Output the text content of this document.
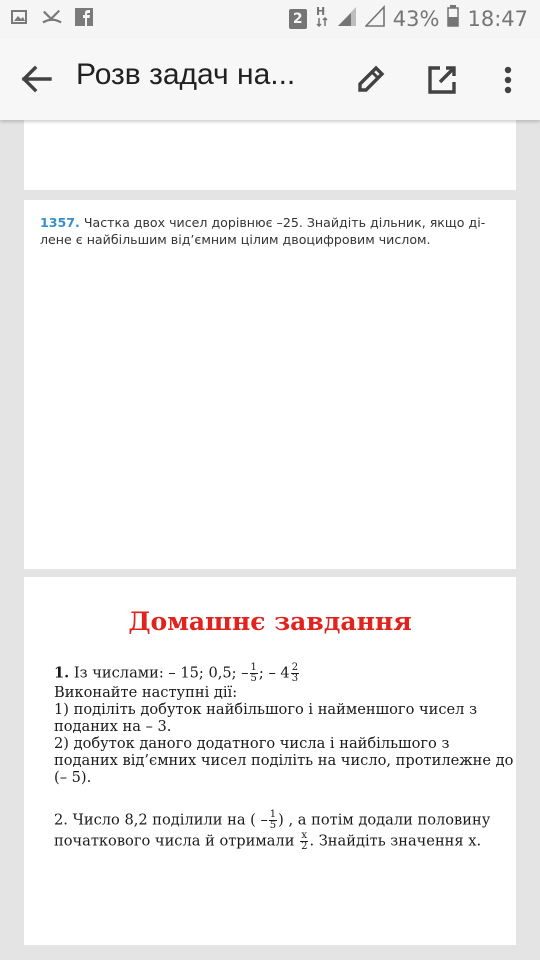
2	H	43% 18:47
Розв задач на...
1357. Частка двох чисел дорівнює –25. Знайдіть дільник, якщо ді-
лене є найбільшим від’ємним цілим двоцифровим числом.
Домашнє завдання
1. Із числами: – 15; 0,5; – $\frac{1}{5}$ ; – $4 \frac{2}{3}$
Виконайте наступні дії:
1) поділіть добуток найбільшого і найменшого чисел з
поданих на – 3.
2) добуток даного додатного числа і найбільшого з
поданих від’ємних чисел поділіть на число, протилежне до
(– 5).
2. Число 8,2 поділили на ( – $\frac{1}{5}$ ) , а потім додали половину
початкового числа й отримали $\frac{x}{2}$ . Знайдіть значення х.
